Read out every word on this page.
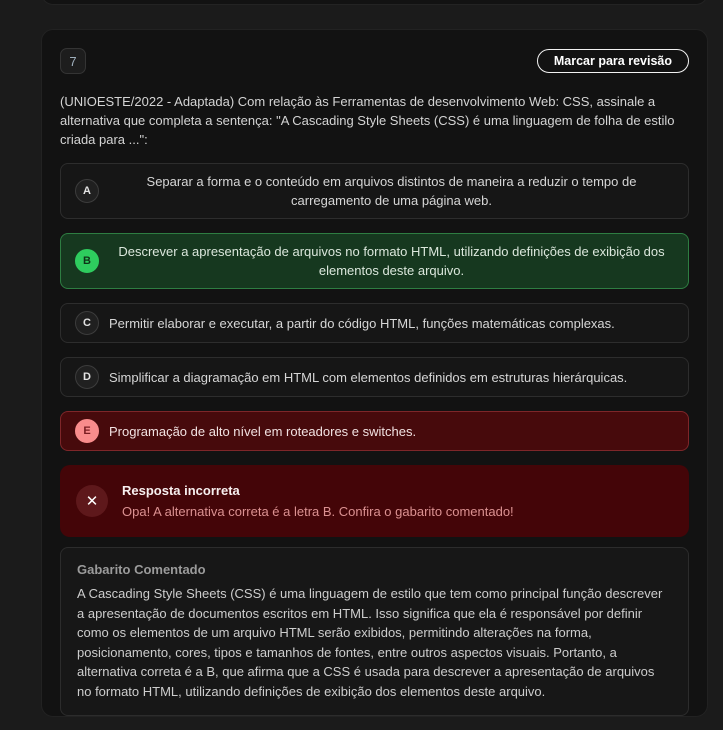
7	Marcar para revisão
(UNIOESTE/2022 - Adaptada) Com relação às Ferramentas de desenvolvimento Web: CSS, assinale a alternativa que completa a sentença: "A Cascading Style Sheets (CSS) é uma linguagem de folha de estilo criada para ...":
A
Separar a forma e o conteúdo em arquivos distintos de maneira a reduzir o tempo de carregamento de uma página web.
B
Descrever a apresentação de arquivos no formato HTML, utilizando definições de exibição dos elementos deste arquivo.
C	Permitir elaborar e executar, a partir do código HTML, funções matemáticas complexas.
D	Simplificar a diagramação em HTML com elementos definidos em estruturas hierárquicas.
E	Programação de alto nível em roteadores e switches.
✕
Resposta incorreta
Opa! A alternativa correta é a letra B. Confira o gabarito comentado!
Gabarito Comentado
A Cascading Style Sheets (CSS) é uma linguagem de estilo que tem como principal função descrever a apresentação de documentos escritos em HTML. Isso significa que ela é responsável por definir como os elementos de um arquivo HTML serão exibidos, permitindo alterações na forma, posicionamento, cores, tipos e tamanhos de fontes, entre outros aspectos visuais. Portanto, a alternativa correta é a B, que afirma que a CSS é usada para descrever a apresentação de arquivos no formato HTML, utilizando definições de exibição dos elementos deste arquivo.
